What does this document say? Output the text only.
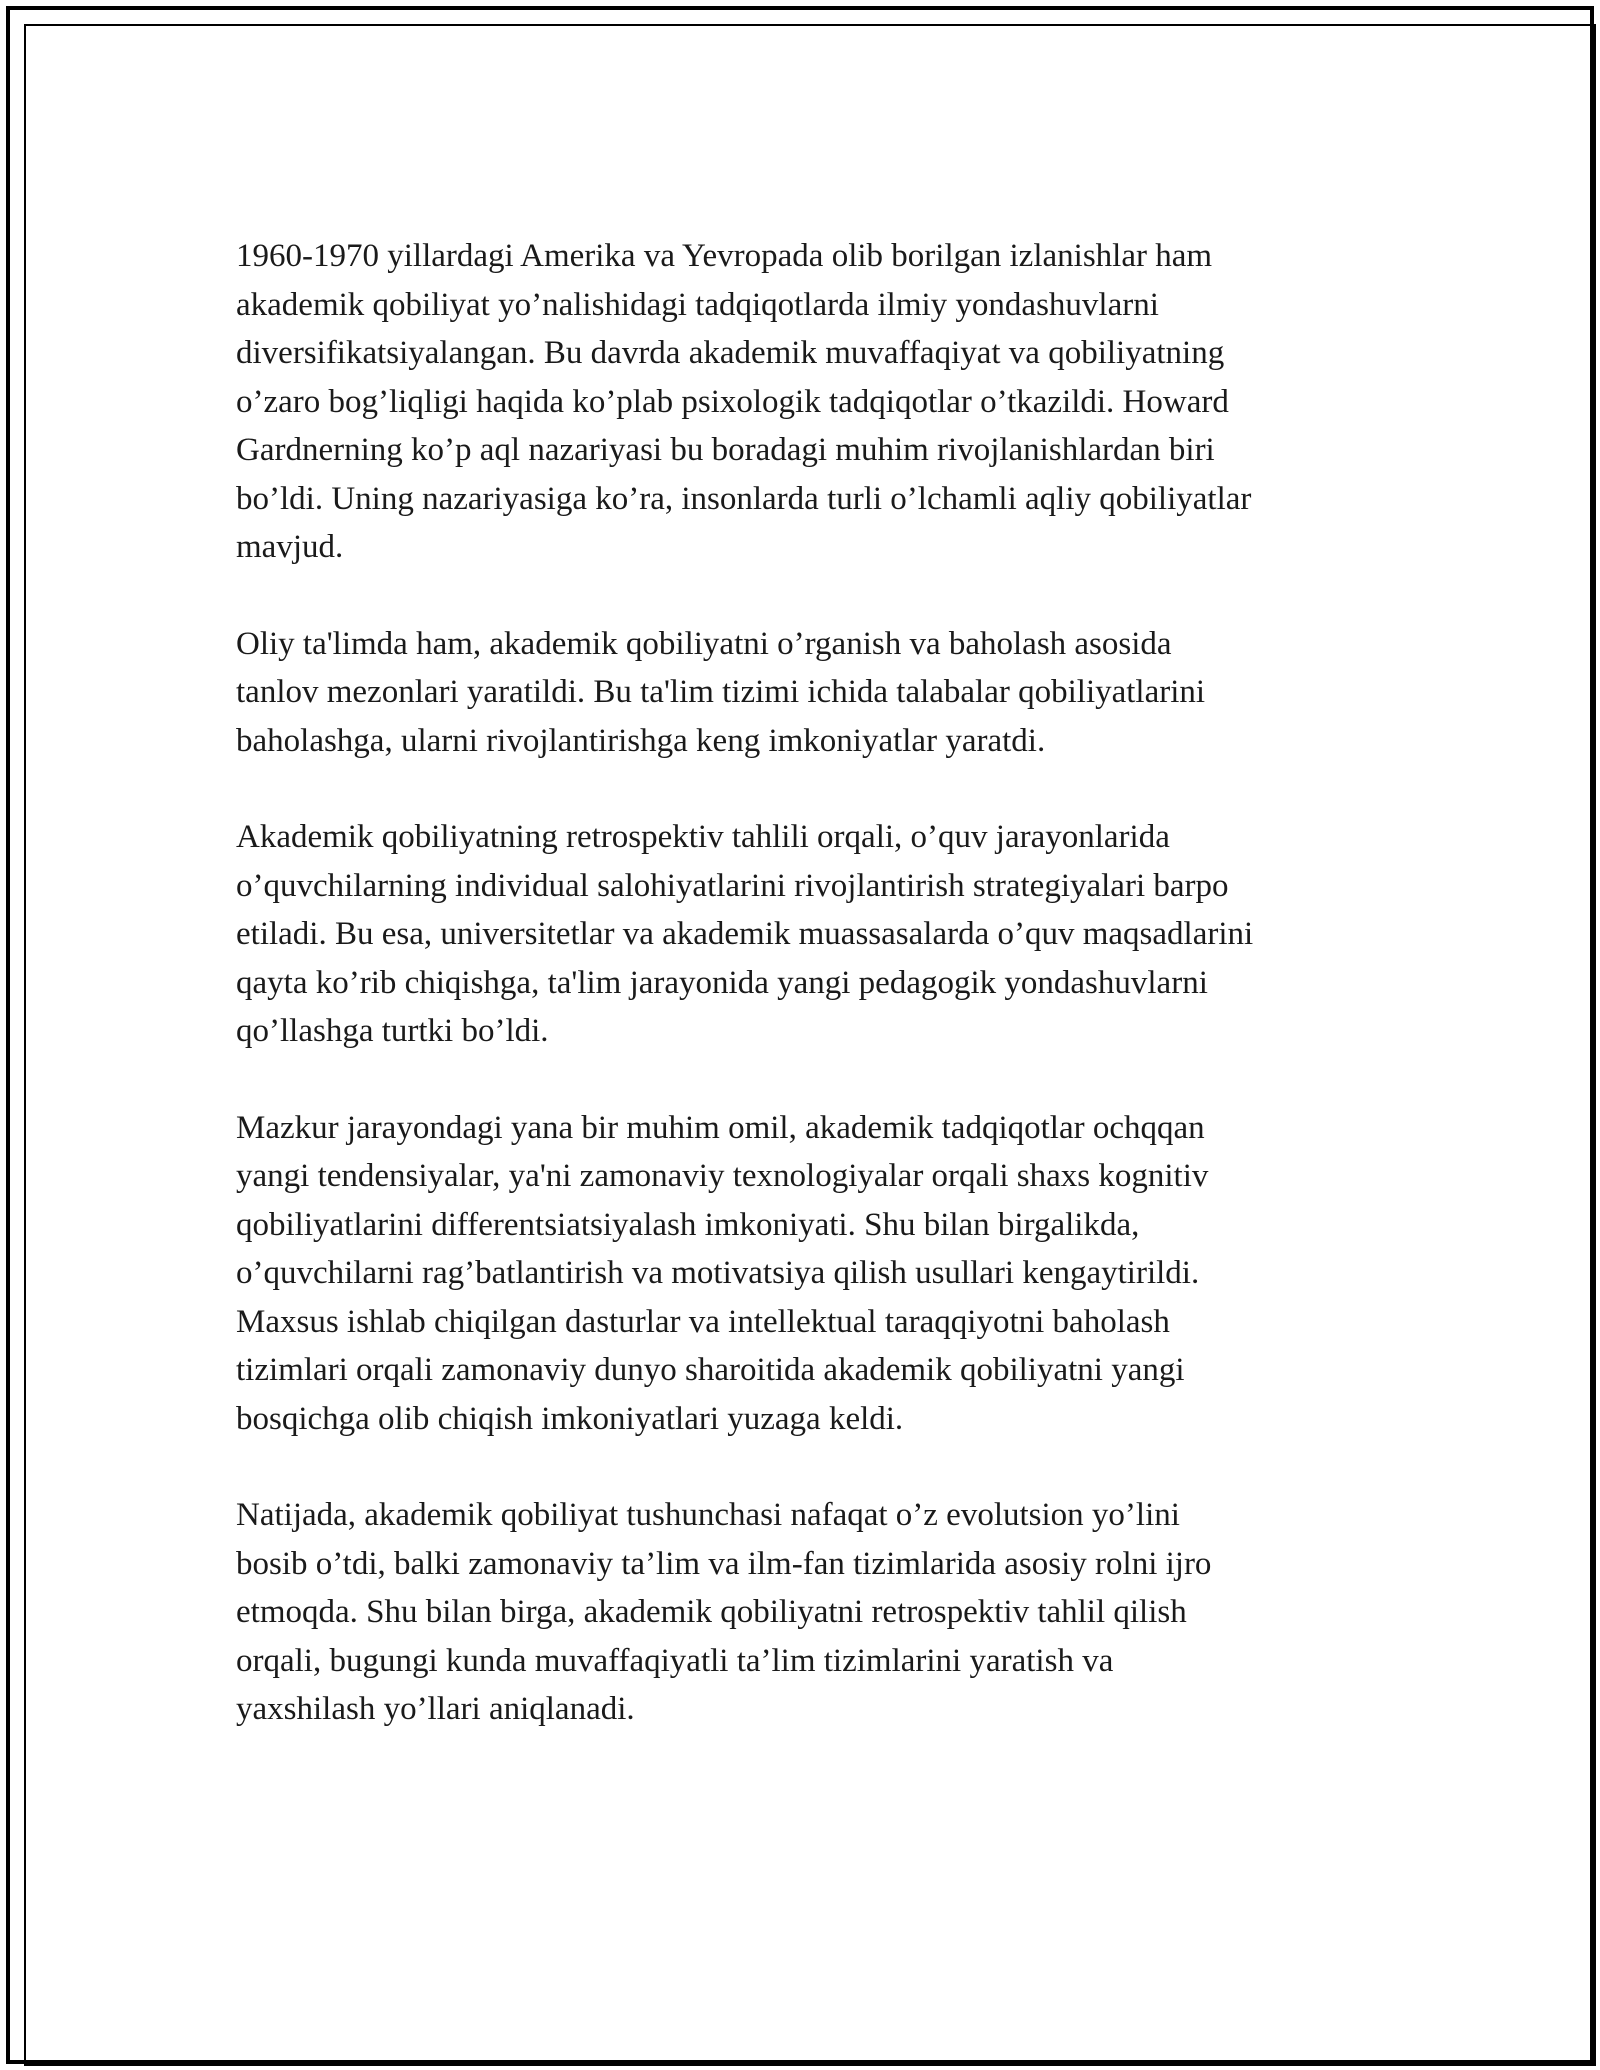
1960-1970 yillardagi Amerika va Yevropada olib borilgan izlanishlar ham
akademik qobiliyat yo’nalishidagi tadqiqotlarda ilmiy yondashuvlarni
diversifikatsiyalangan. Bu davrda akademik muvaffaqiyat va qobiliyatning
o’zaro bog’liqligi haqida ko’plab psixologik tadqiqotlar o’tkazildi. Howard
Gardnerning ko’p aql nazariyasi bu boradagi muhim rivojlanishlardan biri
bo’ldi. Uning nazariyasiga ko’ra, insonlarda turli o’lchamli aqliy qobiliyatlar
mavjud.

Oliy ta'limda ham, akademik qobiliyatni o’rganish va baholash asosida
tanlov mezonlari yaratildi. Bu ta'lim tizimi ichida talabalar qobiliyatlarini
baholashga, ularni rivojlantirishga keng imkoniyatlar yaratdi.

Akademik qobiliyatning retrospektiv tahlili orqali, o’quv jarayonlarida
o’quvchilarning individual salohiyatlarini rivojlantirish strategiyalari barpo
etiladi. Bu esa, universitetlar va akademik muassasalarda o’quv maqsadlarini
qayta ko’rib chiqishga, ta'lim jarayonida yangi pedagogik yondashuvlarni
qo’llashga turtki bo’ldi.

Mazkur jarayondagi yana bir muhim omil, akademik tadqiqotlar ochqqan
yangi tendensiyalar, ya'ni zamonaviy texnologiyalar orqali shaxs kognitiv
qobiliyatlarini differentsiatsiyalash imkoniyati. Shu bilan birgalikda,
o’quvchilarni rag’batlantirish va motivatsiya qilish usullari kengaytirildi.
Maxsus ishlab chiqilgan dasturlar va intellektual taraqqiyotni baholash
tizimlari orqali zamonaviy dunyo sharoitida akademik qobiliyatni yangi
bosqichga olib chiqish imkoniyatlari yuzaga keldi.

Natijada, akademik qobiliyat tushunchasi nafaqat o’z evolutsion yo’lini
bosib o’tdi, balki zamonaviy ta’lim va ilm-fan tizimlarida asosiy rolni ijro
etmoqda. Shu bilan birga, akademik qobiliyatni retrospektiv tahlil qilish
orqali, bugungi kunda muvaffaqiyatli ta’lim tizimlarini yaratish va
yaxshilash yo’llari aniqlanadi.
